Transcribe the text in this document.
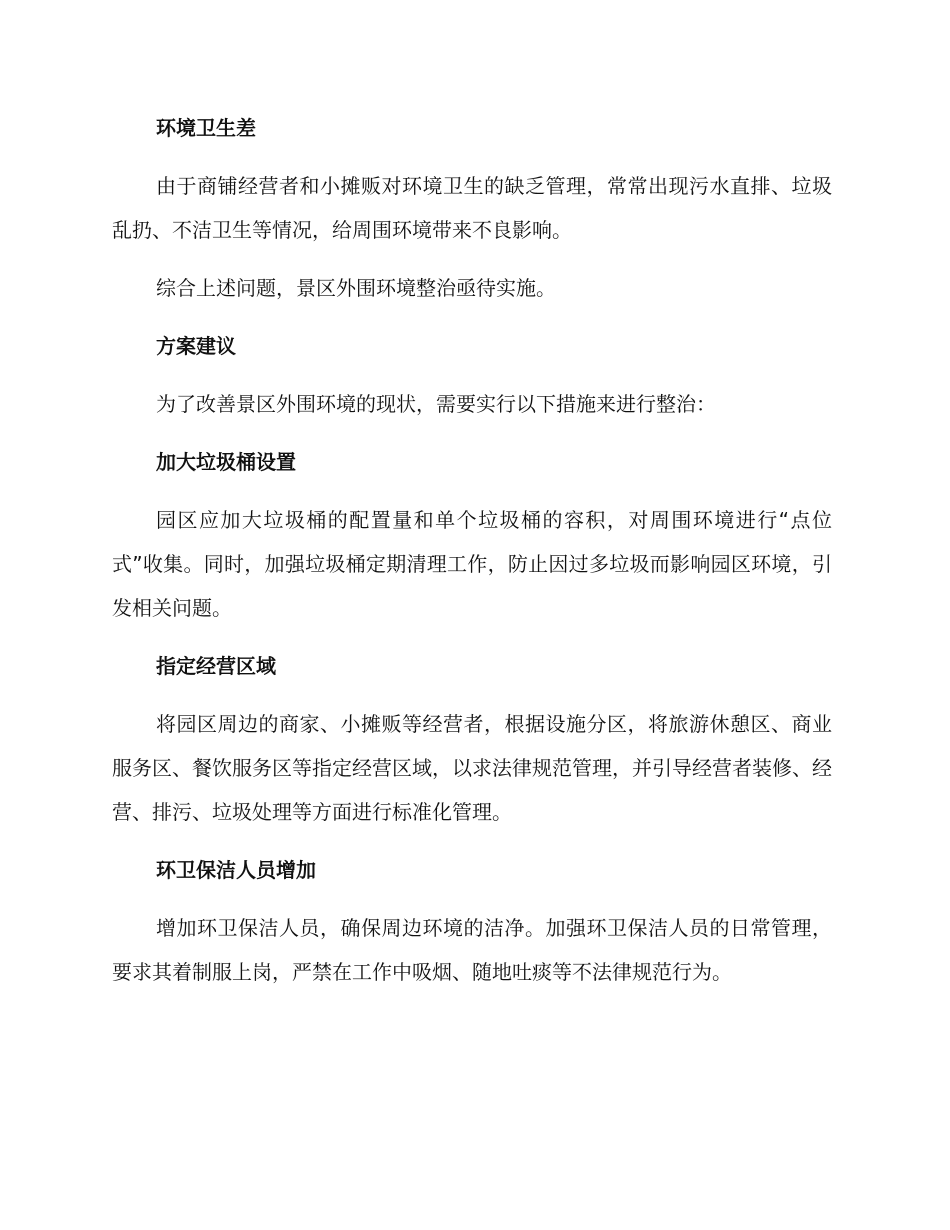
环境卫生差

由于商铺经营者和小摊贩对环境卫生的缺乏管理，常常出现污水直排、垃圾乱扔、不洁卫生等情况，给周围环境带来不良影响。

综合上述问题，景区外围环境整治亟待实施。

方案建议

为了改善景区外围环境的现状，需要实行以下措施来进行整治：

加大垃圾桶设置

园区应加大垃圾桶的配置量和单个垃圾桶的容积，对周围环境进行“点位式”收集。同时，加强垃圾桶定期清理工作，防止因过多垃圾而影响园区环境，引发相关问题。

指定经营区域

将园区周边的商家、小摊贩等经营者，根据设施分区，将旅游休憩区、商业服务区、餐饮服务区等指定经营区域，以求法律规范管理，并引导经营者装修、经营、排污、垃圾处理等方面进行标准化管理。

环卫保洁人员增加

增加环卫保洁人员，确保周边环境的洁净。加强环卫保洁人员的日常管理，要求其着制服上岗，严禁在工作中吸烟、随地吐痰等不法律规范行为。
